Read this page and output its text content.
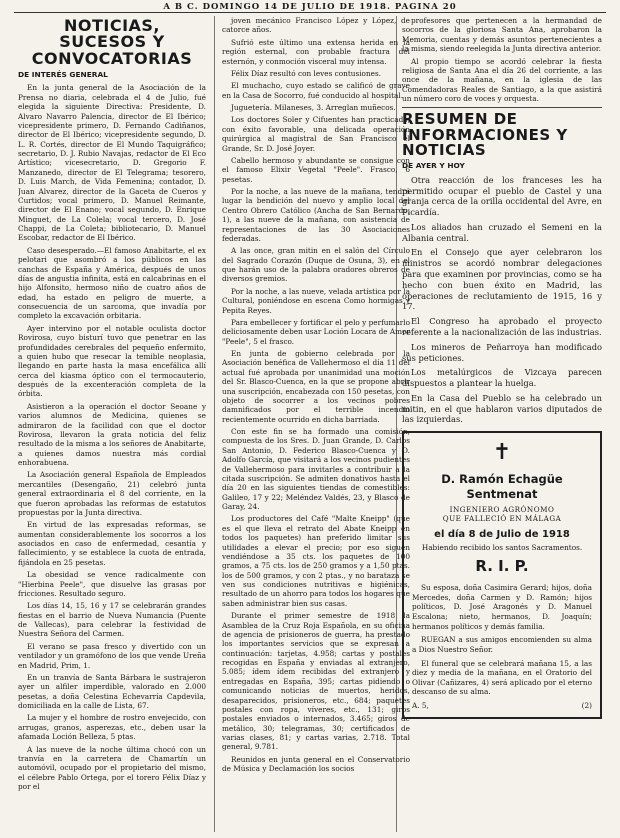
A B C. DOMINGO 14 DE JULIO DE 1918. PAGINA 20
NOTICIAS, SUCESOS Y CONVOCATORIAS
DE INTERÉS GENERAL

En la junta general de la Asociación de la Prensa no diaria, celebrada el 4 de Julio, fué elegida la siguiente Directiva: Presidente, D. Alvaro Navarro Palencia, director de El Ibérico; vicepresidente primero, D. Fernando Cadiñanos, director de El Ibérico; vicepresidente segundo, D. L. R. Cortés, director de El Mundo Taquigráfico; secretario, D. J. Rubio Navajas, redactor de El Eco Artístico; vicesecretario, D. Gregorio F. Manzanedo, director de El Telegrama; tesorero, D. Luis March, de Vida Femenina; contador, D. Juan Alvarez, director de la Gaceta de Cueros y Curtidos; vocal primero, D. Manuel Reimante, director de El Enano; vocal segundo, D. Enrique Minguet, de La Colela; vocal tercero, D. José Chappi, de La Coleta; bibliotecario, D. Manuel Escobar, redactor de El Ibérico.

Caso desesperado.—El famoso Anabitarte, el ex pelotari que asombró a los públicos en las canchas de España y América, después de unos días de angustia infinita, está en calcabrinas en el hijo Alfonsito, hermoso niño de cuatro años de edad, ha estado en peligro de muerte, a consecuencia de un sarcoma, que invadía por completo la excavación orbitaria.

Ayer intervino por el notable oculista doctor Rovirosa, cuyo bisturí tuvo que penetrar en las profundidades cerebrales del pequeño enfermito, a quien hubo que resecar la temible neoplasia, llegando en parte hasta la masa encefálica allí cerca del kiasma óptico con el termocauterio, después de la excenteración completa de la órbita.

Asistieron a la operación el doctor Seoane y varios alumnos de Medicina, quienes se admiraron de la facilidad con que el doctor Rovirosa, llevaron la grata noticia del feliz resultado de la misma a los señores de Anabitarte, a quienes damos nuestra más cordial enhorabuena.

La Asociación general Española de Empleados mercantiles (Desengaño, 21) celebró junta general extraordinaria el 8 del corriente, en la que fueron aprobadas las reformas de estatutos propuestas por la Junta directiva.

En virtud de las expresadas reformas, se aumentan considerablemente los socorros a los asociados en caso de enfermedad, cesantía y fallecimiento, y se establece la cuota de entrada, fijándola en 25 pesetas.

La obesidad se vence radicalmente con "Hierbina Peele", que disuelve las grasas por fricciones. Resultado seguro.

Los días 14, 15, 16 y 17 se celebrarán grandes fiestas en el barrio de Nueva Numancia (Puente de Vallecas), para celebrar la festividad de Nuestra Señora del Carmen.

El verano se pasa fresco y divertido con un ventilador y un gramófono de los que vende Ureña en Madrid, Prim, 1.

En un tranvía de Santa Bárbara le sustrajeron ayer un alfiler imperdible, valorado en 2.000 pesetas, a doña Celestina Echevarría Capdevila, domiciliada en la calle de Lista, 67.

La mujer y el hombre de rostro envejecido, con arrugas, granos, asperezas, etc., deben usar la afamada Loción Belleza, 5 ptas.

A las nueve de la noche última chocó con un tranvía en la carretera de Chamartín un automóvil, ocupado por el propietario del mismo, el célebre Pablo Ortega, por el torero Félix Díaz y por el

joven mecánico Francisco López y López, de catorce años.

Sufrió este último una extensa herida en la región esternal, con probable fractura del esternón, y conmoción visceral muy intensa.

Félix Díaz resultó con leves contusiones.

El muchacho, cuyo estado se calificó de grave en la Casa de Socorro, fué conducido al hospital.

Juguetería. Milaneses, 3. Arreglan muñecos.

Los doctores Soler y Cifuentes han practicado, con éxito favorable, una delicada operación quirúrgica al magistral de San Francisco el Grande, Sr. D. José Joyer.

Cabello hermoso y abundante se consigue con el famoso Elixir Vegetal "Peele". Frasco, 6 pesetas.

Por la noche, a las nueve de la mañana, tendrá lugar la bendición del nuevo y amplio local del Centro Obrero Católico (Ancha de San Bernardo, 1), a las nueve de la mañana, con asistencia de representaciones de las 30 Asociaciones federadas.

A las once, gran mitin en el salón del Círculo del Sagrado Corazón (Duque de Osuna, 3), en el que harán uso de la palabra oradores obreros de diversos gremios.

Por la noche, a las nueve, velada artística por la Cultural, poniéndose en escena Como hormigas y Pepita Reyes.

Para embellecer y fortificar el pelo y perfumarlo deliciosamente deben usar Loción Locara de Amor "Peele", 5 el frasco.

En junta de gobierno celebrada por la Asociación benéfica de Vallehermoso el día 11 del actual fué aprobada por unanimidad una moción del Sr. Blasco-Cuenca, en la que se propone abrir una suscripción, encabezada con 150 pesetas, con objeto de socorrer a los vecinos pobres damnificados por el terrible incendio recientemente ocurrido en dicha barriada.

Con este fin se ha formado una comisión, compuesta de los Sres. D. Juan Grande, D. Carlos San Antonio, D. Federico Blasco-Cuenca y D. Adolfo García, que visitará a los vecinos pudientes de Vallehermoso para invitarles a contribuir a la citada suscripción. Se admiten donativos hasta el día 20 en las siguientes tiendas de comestibles: Galileo, 17 y 22; Meléndez Valdés, 23, y Blasco de Garay, 24.

Los productores del Café "Malte Kneipp" (que es el que lleva el retrato del Abate Kneipp en todos los paquetes) han preferido limitar sus utilidades a elevar el precio; por eso siguen vendiéndose a 35 cts. los paquetes de 100 gramos, a 75 cts. los de 250 gramos y a 1,50 ptas. los de 500 gramos, y con 2 ptas., y no barataza se ven sus condiciones nutritivas e higiénicas, resultado de un ahorro para todos los hogares que saben administrar bien sus casas.

Durante el primer semestre de 1918 la Asamblea de la Cruz Roja Española, en su oficina de agencia de prisioneros de guerra, ha prestado los importantes servicios que se expresan a continuación: tarjetas, 4.958; cartas y postales recogidas en España y enviadas al extranjero, 5.085; ídem ídem recibidas del extranjero y entregadas en España, 395; cartas pidiendo o comunicando noticias de muertos, heridos, desaparecidos, prisioneros, etc., 684; paquetes postales con ropa, víveres, etc., 131; giros postales enviados o internados, 3.465; giros de metálico, 30; telegramas, 30; certificados de varias clases, 81; y cartas varias, 2.718. Total general, 9.781.

Reunidos en junta general en el Conservatorio de Música y Declamación los socios

profesores que pertenecen a la hermandad de socorros de la gloriosa Santa Ana, aprobaron la Memoria, cuentas y demás asuntos pertenecientes a la misma, siendo reelegida la Junta directiva anterior.

Al propio tiempo se acordó celebrar la fiesta religiosa de Santa Ana el día 26 del corriente, a las once de la mañana, en la iglesia de las Comendadoras Reales de Santiago, a la que asistirá un número coro de voces y orquesta.

RESUMEN DE INFORMACIONES Y NOTICIAS
DE AYER Y HOY

Otra reacción de los franceses les ha permitido ocupar el pueblo de Castel y una granja cerca de la orilla occidental del Avre, en Picardía.

Los aliados han cruzado el Semeni en la Albania central.

En el Consejo que ayer celebraron los ministros se acordó nombrar delegaciones para que examinen por provincias, como se ha hecho con buen éxito en Madrid, las operaciones de reclutamiento de 1915, 16 y 17.

El Congreso ha aprobado el proyecto referente a la nacionalización de las industrias.

Los mineros de Peñarroya han modificado sus peticiones.

Los metalúrgicos de Vizcaya parecen dispuestos a plantear la huelga.

En la Casa del Pueblo se ha celebrado un mitin, en el que hablaron varios diputados de las izquierdas.

✝
D. Ramón Echagüe Sentmenat
INGENIERO AGRÓNOMO
QUE FALLECIÓ EN MÁLAGA
el día 8 de Julio de 1918
Habiendo recibido los santos Sacramentos.
R. I. P.

Su esposa, doña Casimira Gerard; hijos, doña Mercedes, doña Carmen y D. Ramón; hijos políticos, D. José Aragonés y D. Manuel Escalona; nieto, hermanos, D. Joaquín; hermanos políticos y demás familia.

RUEGAN a sus amigos encomienden su alma a Dios Nuestro Señor.

El funeral que se celebrará mañana 15, a las diez y media de la mañana, en el Oratorio del Olivar (Cañizares, 4) será aplicado por el eterno descanso de su alma.

A. 5,	(2)
